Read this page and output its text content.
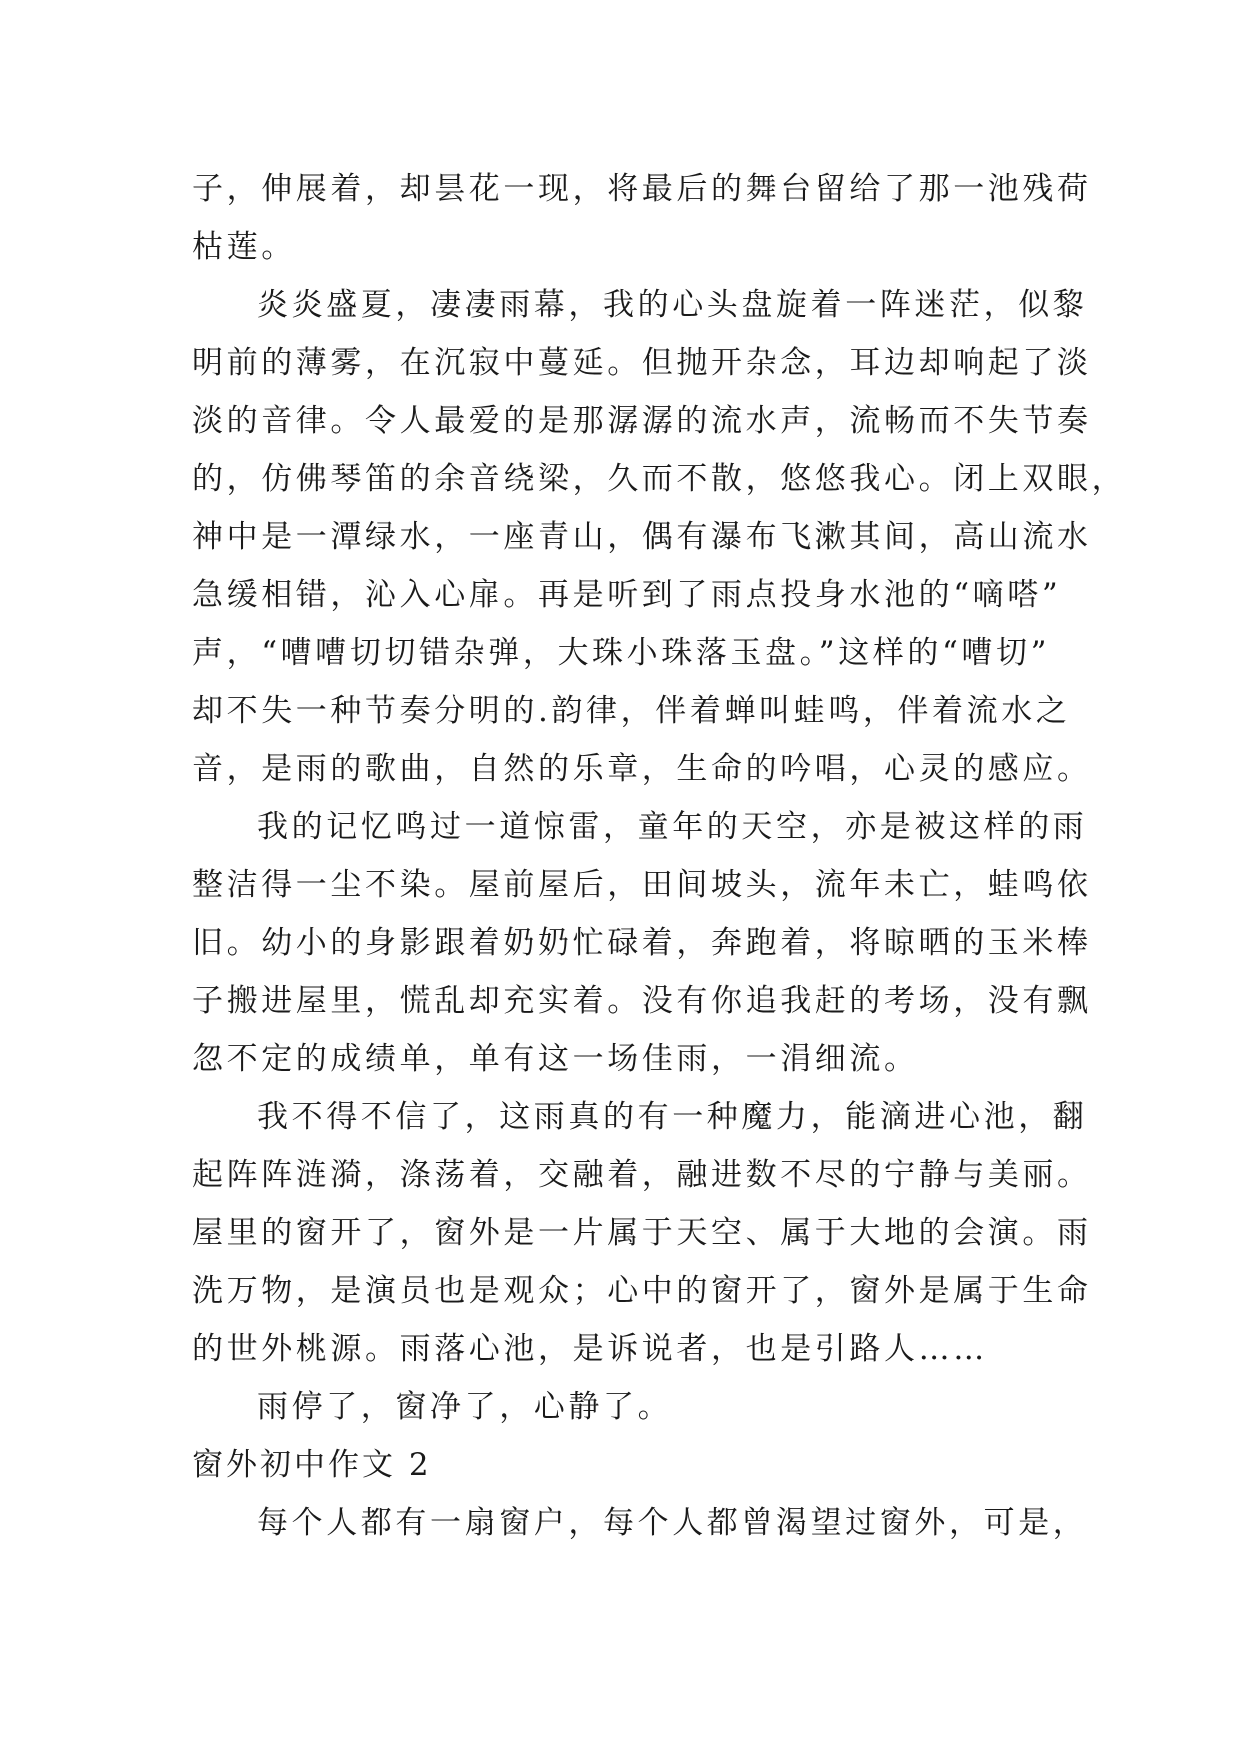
子，伸展着，却昙花一现，将最后的舞台留给了那一池残荷
枯莲。
炎炎盛夏，凄凄雨幕，我的心头盘旋着一阵迷茫，似黎
明前的薄雾，在沉寂中蔓延。但抛开杂念，耳边却响起了淡
淡的音律。令人最爱的是那潺潺的流水声，流畅而不失节奏
的，仿佛琴笛的余音绕梁，久而不散，悠悠我心。闭上双眼，
神中是一潭绿水，一座青山，偶有瀑布飞漱其间，高山流水
急缓相错，沁入心扉。再是听到了雨点投身水池的“嘀嗒”
声，“嘈嘈切切错杂弹，大珠小珠落玉盘。”这样的“嘈切”
却不失一种节奏分明的.韵律，伴着蝉叫蛙鸣，伴着流水之
音，是雨的歌曲，自然的乐章，生命的吟唱，心灵的感应。
我的记忆鸣过一道惊雷，童年的天空，亦是被这样的雨
整洁得一尘不染。屋前屋后，田间坡头，流年未亡，蛙鸣依
旧。幼小的身影跟着奶奶忙碌着，奔跑着，将晾晒的玉米棒
子搬进屋里，慌乱却充实着。没有你追我赶的考场，没有飘
忽不定的成绩单，单有这一场佳雨，一涓细流。
我不得不信了，这雨真的有一种魔力，能滴进心池，翻
起阵阵涟漪，涤荡着，交融着，融进数不尽的宁静与美丽。
屋里的窗开了，窗外是一片属于天空、属于大地的会演。雨
洗万物，是演员也是观众；心中的窗开了，窗外是属于生命
的世外桃源。雨落心池，是诉说者，也是引路人……
雨停了，窗净了，心静了。
窗外初中作文 2
每个人都有一扇窗户，每个人都曾渴望过窗外，可是，
